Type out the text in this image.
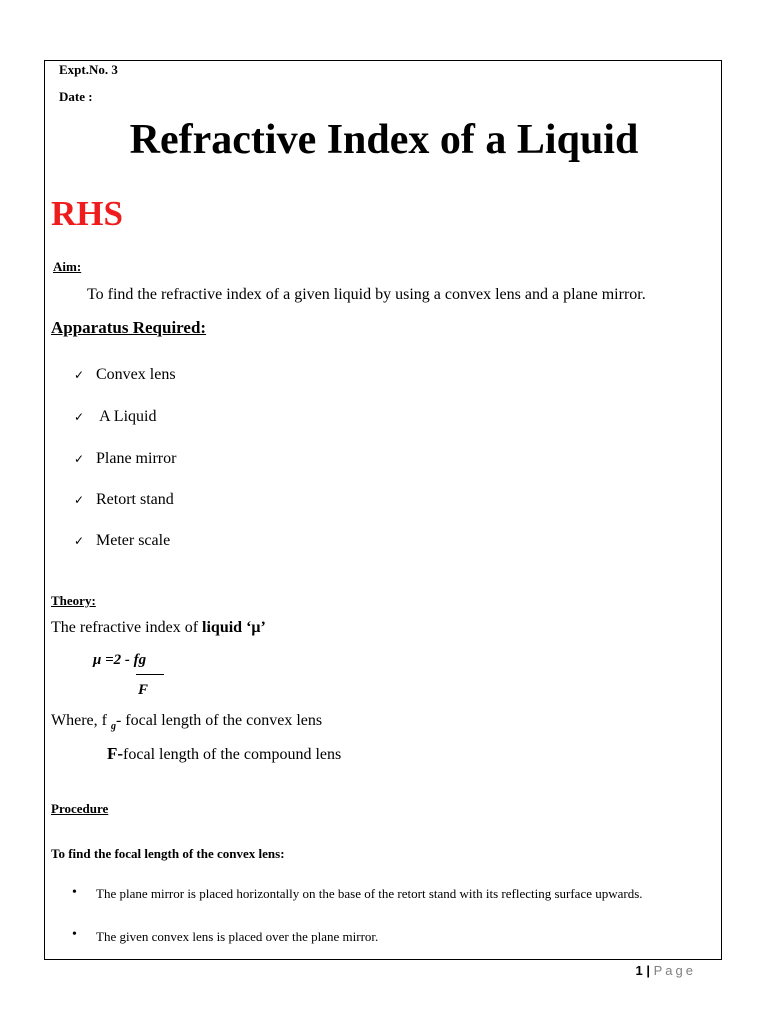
Expt.No. 3
Date :
Refractive Index of a Liquid
RHS
Aim:
To find the refractive index of a given liquid by using a convex lens and a plane mirror.
Apparatus Required:
✓ Convex lens
✓ A Liquid
✓ Plane mirror
✓ Retort stand
✓ Meter scale
Theory:
The refractive index of liquid ‘μ’
μ =2 - fg
F
Where, f $_g$- focal length of the convex lens
F-focal length of the compound lens
Procedure
To find the focal length of the convex lens:
• The plane mirror is placed horizontally on the base of the retort stand with its reflecting surface upwards.
• The given convex lens is placed over the plane mirror.
1 | Page
